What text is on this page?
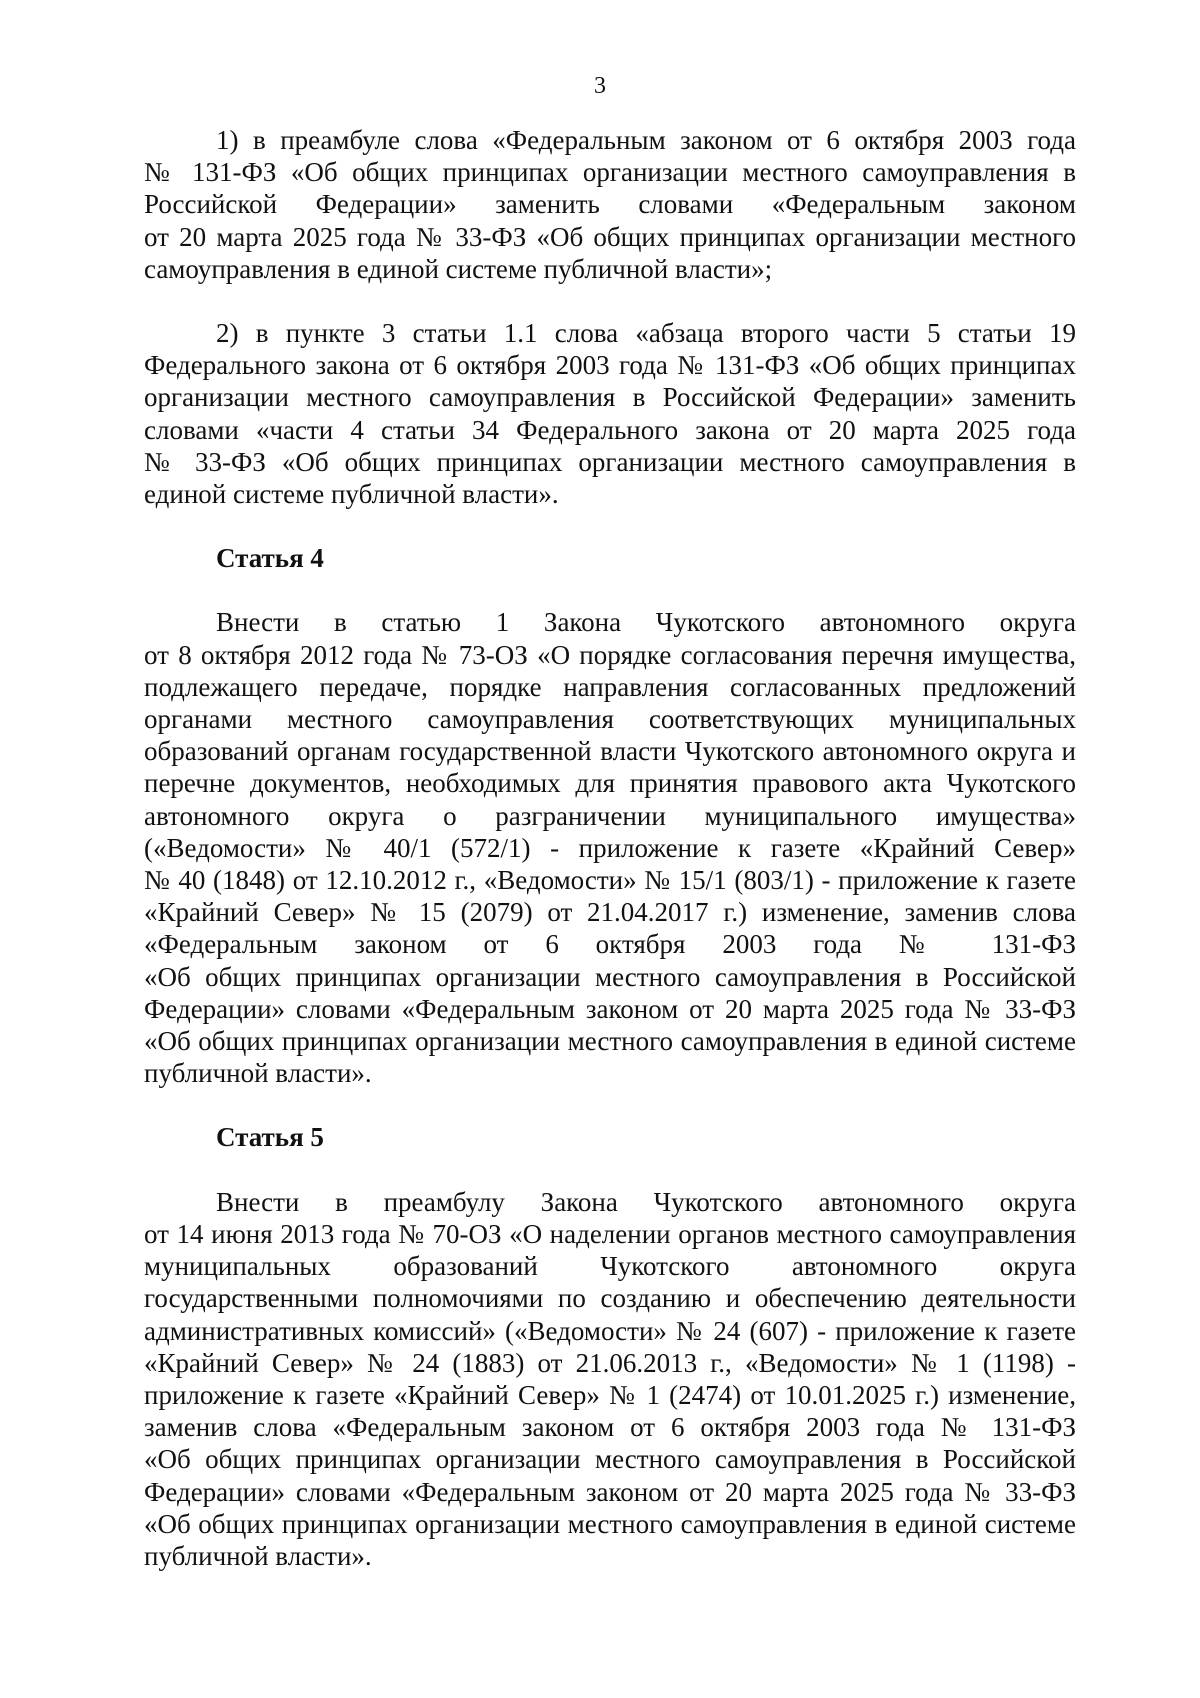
3
1) в преамбуле слова «Федеральным законом от 6 октября 2003 года
№ 131-ФЗ «Об общих принципах организации местного самоуправления в
Российской Федерации» заменить словами «Федеральным законом
от 20 марта 2025 года № 33-ФЗ «Об общих принципах организации местного
самоуправления в единой системе публичной власти»;
2) в пункте 3 статьи 1.1 слова «абзаца второго части 5 статьи 19
Федерального закона от 6 октября 2003 года № 131-ФЗ «Об общих принципах
организации местного самоуправления в Российской Федерации» заменить
словами «части 4 статьи 34 Федерального закона от 20 марта 2025 года
№ 33-ФЗ «Об общих принципах организации местного самоуправления в
единой системе публичной власти».
Статья 4
Внести в статью 1 Закона Чукотского автономного округа
от 8 октября 2012 года № 73-ОЗ «О порядке согласования перечня имущества,
подлежащего передаче, порядке направления согласованных предложений
органами местного самоуправления соответствующих муниципальных
образований органам государственной власти Чукотского автономного округа и
перечне документов, необходимых для принятия правового акта Чукотского
автономного округа о разграничении муниципального имущества»
(«Ведомости» № 40/1 (572/1) - приложение к газете «Крайний Север»
№ 40 (1848) от 12.10.2012 г., «Ведомости» № 15/1 (803/1) - приложение к газете
«Крайний Север» № 15 (2079) от 21.04.2017 г.) изменение, заменив слова
«Федеральным законом от 6 октября 2003 года № 131-ФЗ
«Об общих принципах организации местного самоуправления в Российской
Федерации» словами «Федеральным законом от 20 марта 2025 года № 33-ФЗ
«Об общих принципах организации местного самоуправления в единой системе
публичной власти».
Статья 5
Внести в преамбулу Закона Чукотского автономного округа
от 14 июня 2013 года № 70-ОЗ «О наделении органов местного самоуправления
муниципальных образований Чукотского автономного округа
государственными полномочиями по созданию и обеспечению деятельности
административных комиссий» («Ведомости» № 24 (607) - приложение к газете
«Крайний Север» № 24 (1883) от 21.06.2013 г., «Ведомости» № 1 (1198) -
приложение к газете «Крайний Север» № 1 (2474) от 10.01.2025 г.) изменение,
заменив слова «Федеральным законом от 6 октября 2003 года № 131-ФЗ
«Об общих принципах организации местного самоуправления в Российской
Федерации» словами «Федеральным законом от 20 марта 2025 года № 33-ФЗ
«Об общих принципах организации местного самоуправления в единой системе
публичной власти».
